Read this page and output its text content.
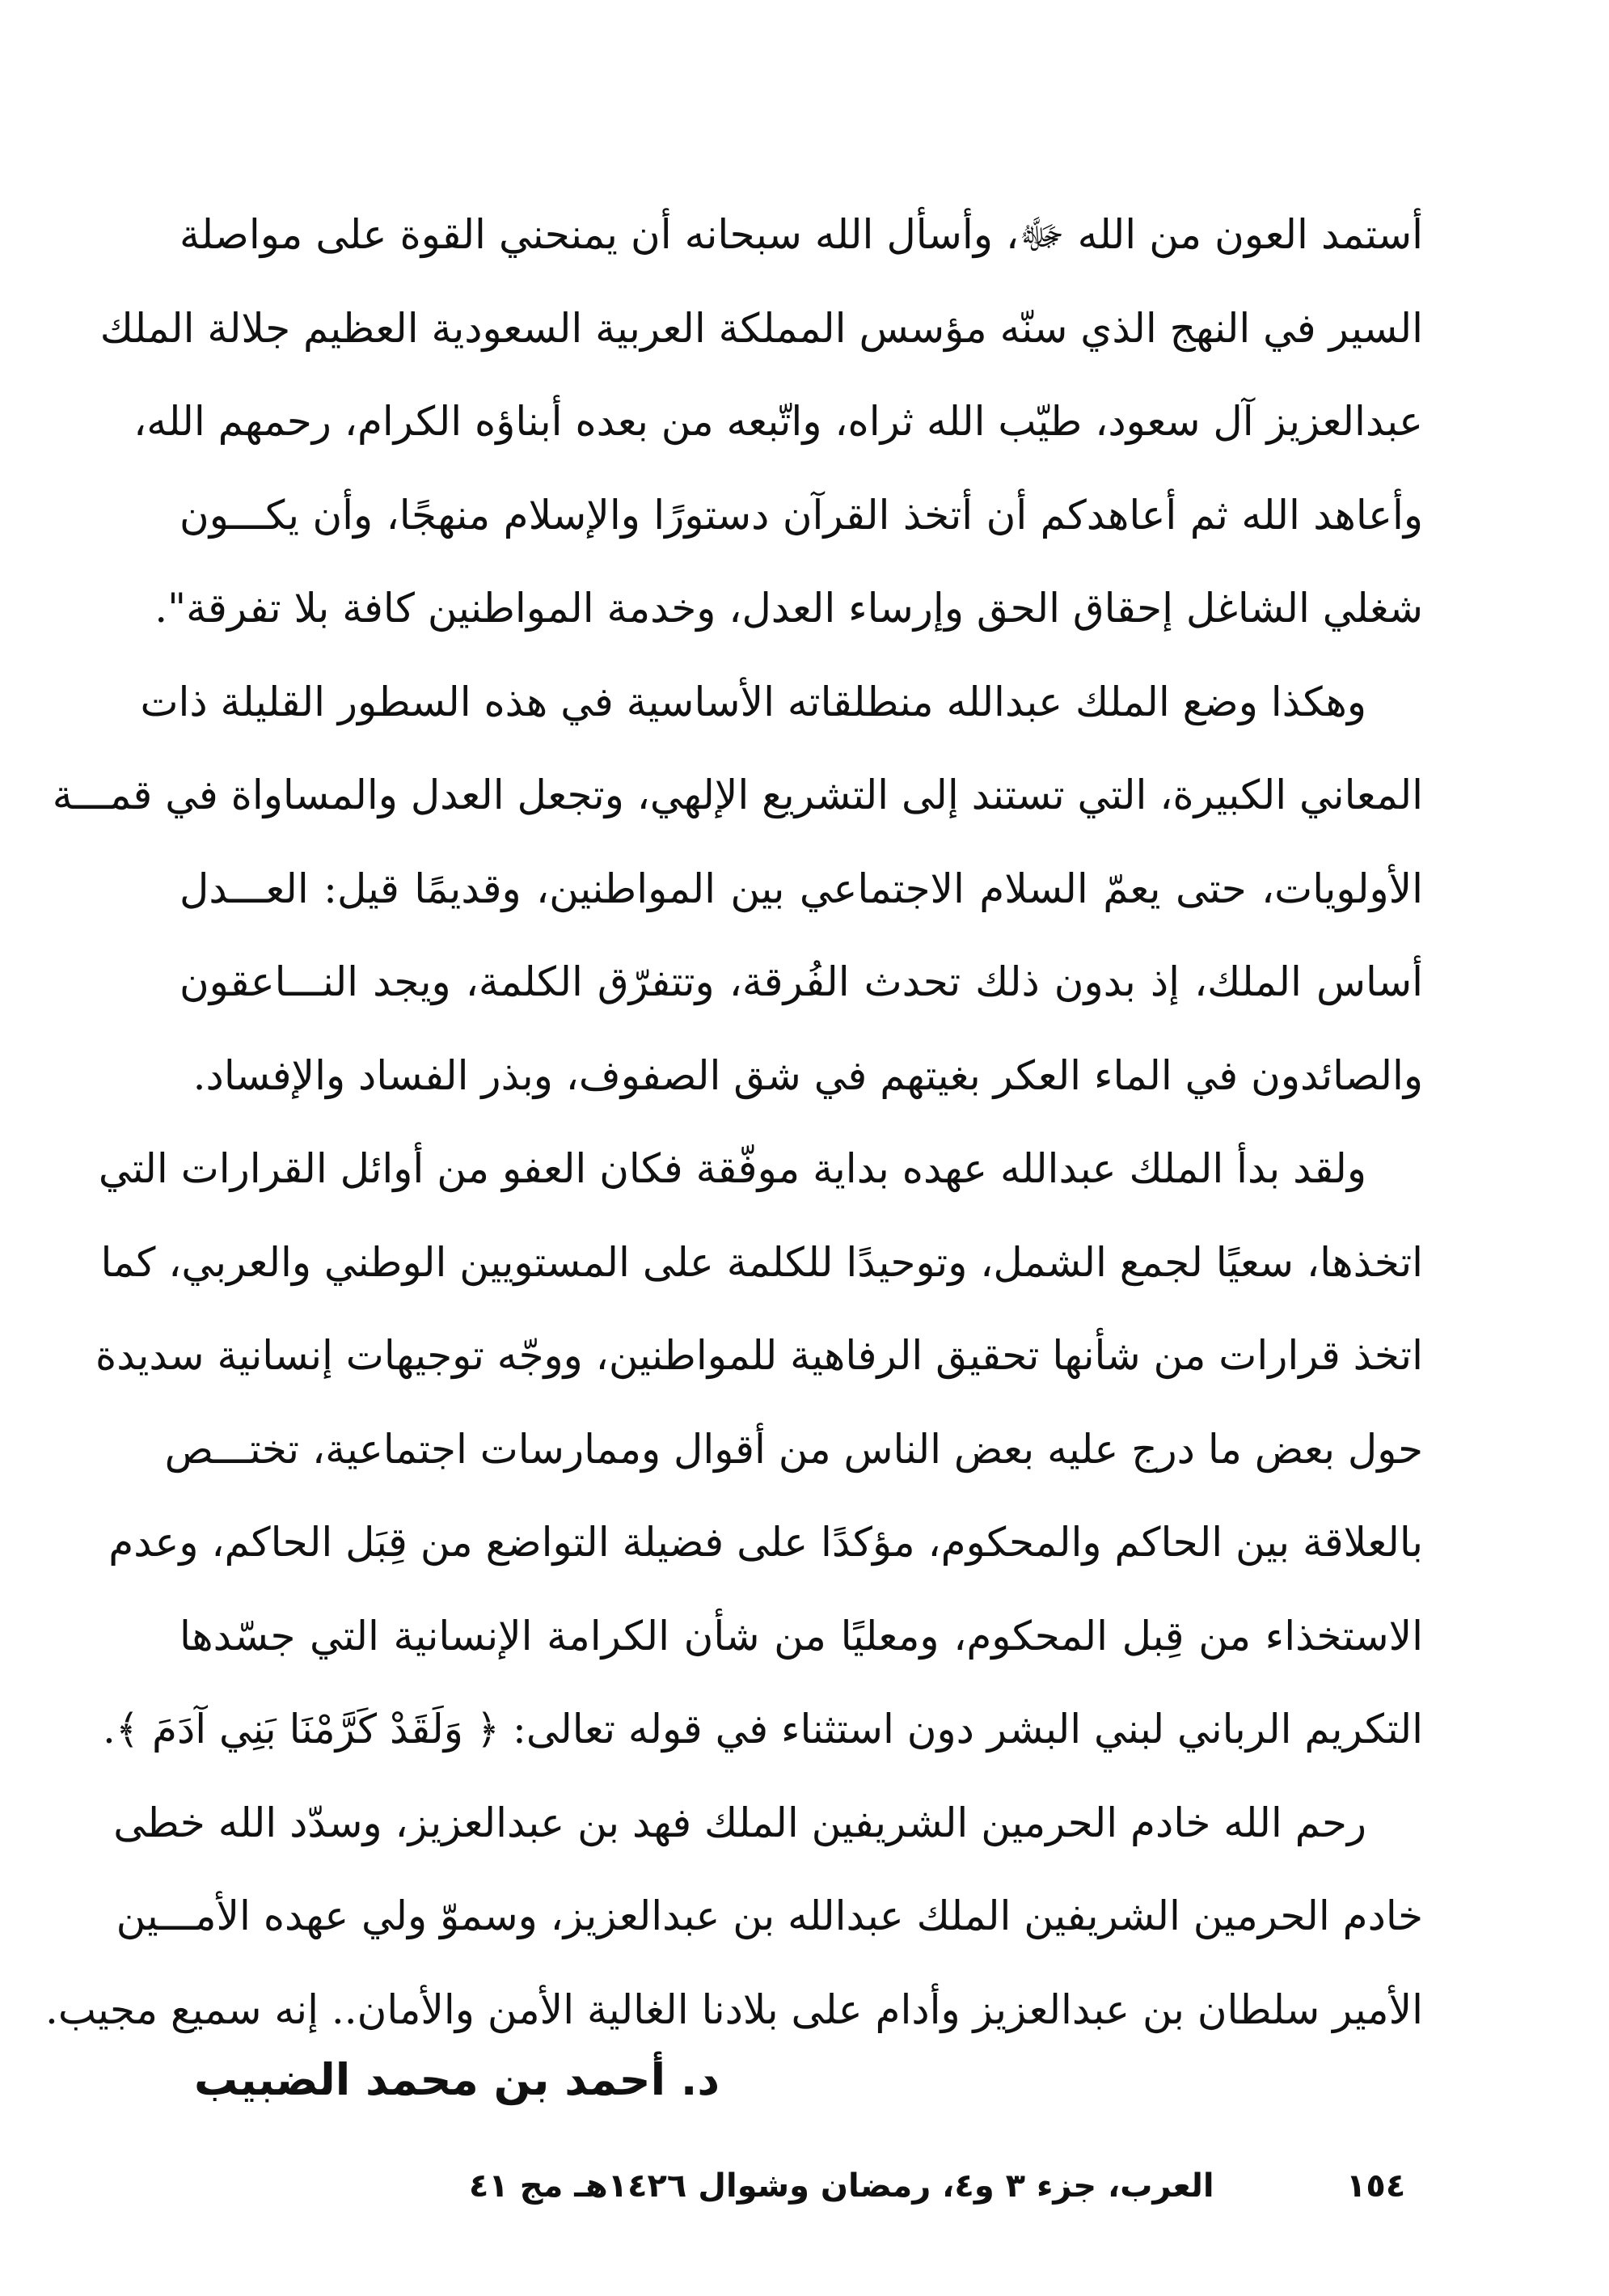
أستمد العون من الله ﷻ، وأسأل الله سبحانه أن يمنحني القوة على مواصلة
السير في النهج الذي سنّه مؤسس المملكة العربية السعودية العظيم جلالة الملك
عبدالعزيز آل سعود، طيّب الله ثراه، واتّبعه من بعده أبناؤه الكرام، رحمهم الله،
وأعاهد الله ثم أعاهدكم أن أتخذ القرآن دستورًا والإسلام منهجًا، وأن يكـــون
شغلي الشاغل إحقاق الحق وإرساء العدل، وخدمة المواطنين كافة بلا تفرقة".
وهكذا وضع الملك عبدالله منطلقاته الأساسية في هذه السطور القليلة ذات
المعاني الكبيرة، التي تستند إلى التشريع الإلهي، وتجعل العدل والمساواة في قمـــة
الأولويات، حتى يعمّ السلام الاجتماعي بين المواطنين، وقديمًا قيل: العـــدل
أساس الملك، إذ بدون ذلك تحدث الفُرقة، وتتفرّق الكلمة، ويجد النـــاعقون
والصائدون في الماء العكر بغيتهم في شق الصفوف، وبذر الفساد والإفساد.
ولقد بدأ الملك عبدالله عهده بداية موفّقة فكان العفو من أوائل القرارات التي
اتخذها، سعيًا لجمع الشمل، وتوحيدًا للكلمة على المستويين الوطني والعربي، كما
اتخذ قرارات من شأنها تحقيق الرفاهية للمواطنين، ووجّه توجيهات إنسانية سديدة
حول بعض ما درج عليه بعض الناس من أقوال وممارسات اجتماعية، تختـــص
بالعلاقة بين الحاكم والمحكوم، مؤكدًا على فضيلة التواضع من قِبَل الحاكم، وعدم
الاستخذاء من قِبل المحكوم، ومعليًا من شأن الكرامة الإنسانية التي جسّدها
التكريم الرباني لبني البشر دون استثناء في قوله تعالى: ﴿ وَلَقَدْ كَرَّمْنَا بَنِي آدَمَ ﴾.
رحم الله خادم الحرمين الشريفين الملك فهد بن عبدالعزيز، وسدّد الله خطى
خادم الحرمين الشريفين الملك عبدالله بن عبدالعزيز، وسموّ ولي عهده الأمـــين
الأمير سلطان بن عبدالعزيز وأدام على بلادنا الغالية الأمن والأمان.. إنه سميع مجيب.
د. أحمد بن محمد الضبيب
العرب، جزء ٣ و٤، رمضان وشوال ١٤٢٦هـ مج ٤١	١٥٤
